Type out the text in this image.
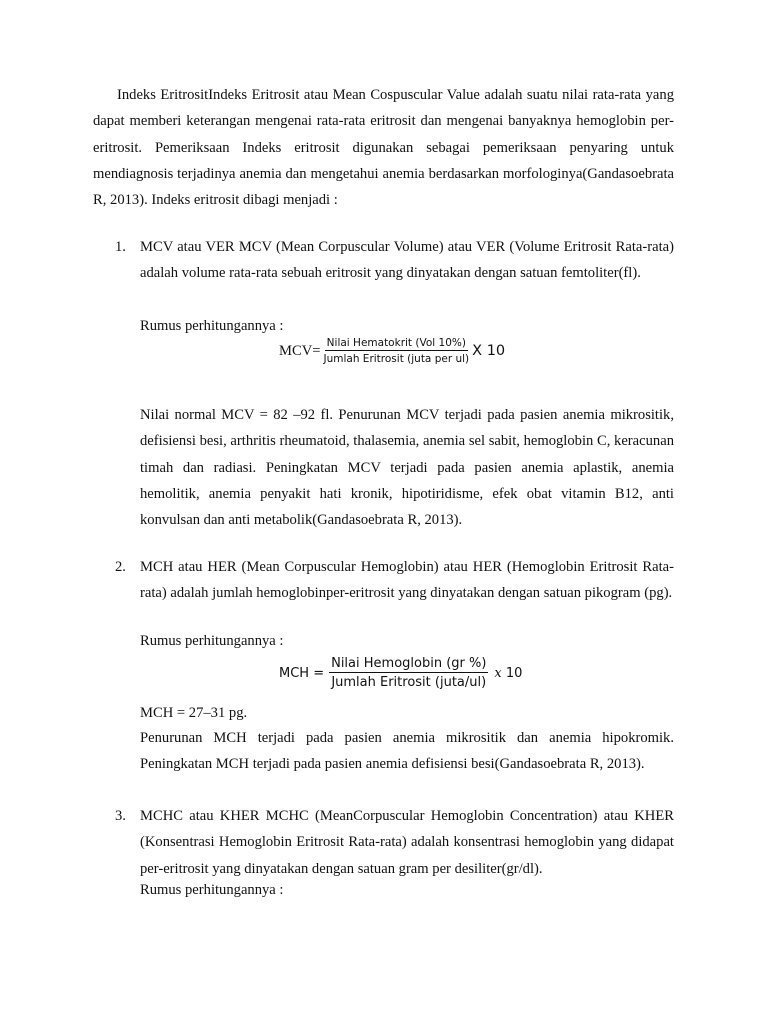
Indeks EritrositIndeks Eritrosit atau Mean Cospuscular Value adalah suatu nilai rata-rata yang dapat memberi keterangan mengenai rata-rata eritrosit dan mengenai banyaknya hemoglobin per-eritrosit. Pemeriksaan Indeks eritrosit digunakan sebagai pemeriksaan penyaring untuk mendiagnosis terjadinya anemia dan mengetahui anemia berdasarkan morfologinya(Gandasoebrata R, 2013). Indeks eritrosit dibagi menjadi :

1. MCV atau VER MCV (Mean Corpuscular Volume) atau VER (Volume Eritrosit Rata-rata) adalah volume rata-rata sebuah eritrosit yang dinyatakan dengan satuan femtoliter(fl).

Rumus perhitungannya :
$MCV= \frac{\text{Nilai Hematokrit (Vol 10\%)}}{\text{Jumlah Eritrosit (juta per ul)}}$ X 10

Nilai normal MCV = 82 –92 fl. Penurunan MCV terjadi pada pasien anemia mikrositik, defisiensi besi, arthritis rheumatoid, thalasemia, anemia sel sabit, hemoglobin C, keracunan timah dan radiasi. Peningkatan MCV terjadi pada pasien anemia aplastik, anemia hemolitik, anemia penyakit hati kronik, hipotiridisme, efek obat vitamin B12, anti konvulsan dan anti metabolik(Gandasoebrata R, 2013).

2. MCH atau HER (Mean Corpuscular Hemoglobin) atau HER (Hemoglobin Eritrosit Rata-rata) adalah jumlah hemoglobinper-eritrosit yang dinyatakan dengan satuan pikogram (pg).

Rumus perhitungannya :
MCH = $\frac{\text{Nilai Hemoglobin (gr \%)}}{\text{Jumlah Eritrosit (juta/ul)}}$ x 10
MCH = 27–31 pg.

Penurunan MCH terjadi pada pasien anemia mikrositik dan anemia hipokromik. Peningkatan MCH terjadi pada pasien anemia defisiensi besi(Gandasoebrata R, 2013).

3. MCHC atau KHER MCHC (MeanCorpuscular Hemoglobin Concentration) atau KHER (Konsentrasi Hemoglobin Eritrosit Rata-rata) adalah konsentrasi hemoglobin yang didapat per-eritrosit yang dinyatakan dengan satuan gram per desiliter(gr/dl).

Rumus perhitungannya :
